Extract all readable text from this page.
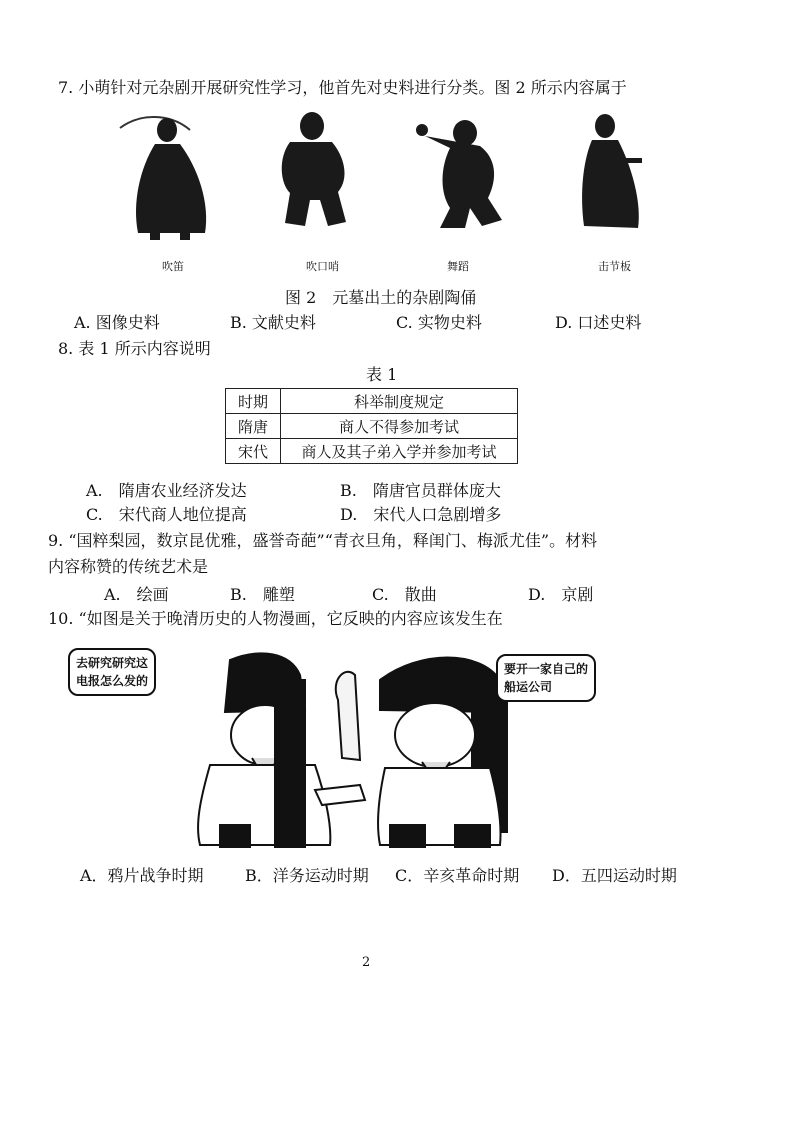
7. 小萌针对元杂剧开展研究性学习，他首先对史料进行分类。图 2 所示内容属于
吹笛	吹口哨	舞蹈	击节板
图 2　元墓出土的杂剧陶俑
A. 图像史料	B. 文献史料	C. 实物史料	D. 口述史料
8. 表 1 所示内容说明
表 1
时期	科举制度规定
隋唐	商人不得参加考试
宋代	商人及其子弟入学并参加考试
A.　隋唐农业经济发达	B.　隋唐官员群体庞大
C.　宋代商人地位提高	D.　宋代人口急剧增多
9. “国粹梨园，数京昆优雅，盛誉奇葩”“青衣旦角，释闺门、梅派尤佳”。材料
内容称赞的传统艺术是
A.　绘画	B.　雕塑	C.　散曲	D.　京剧
10. “如图是关于晚清历史的人物漫画，它反映的内容应该发生在
去研究研究这
电报怎么发的
要开一家自己的
船运公司
A．鸦片战争时期	B．洋务运动时期 C．辛亥革命时期 D．五四运动时期
2
